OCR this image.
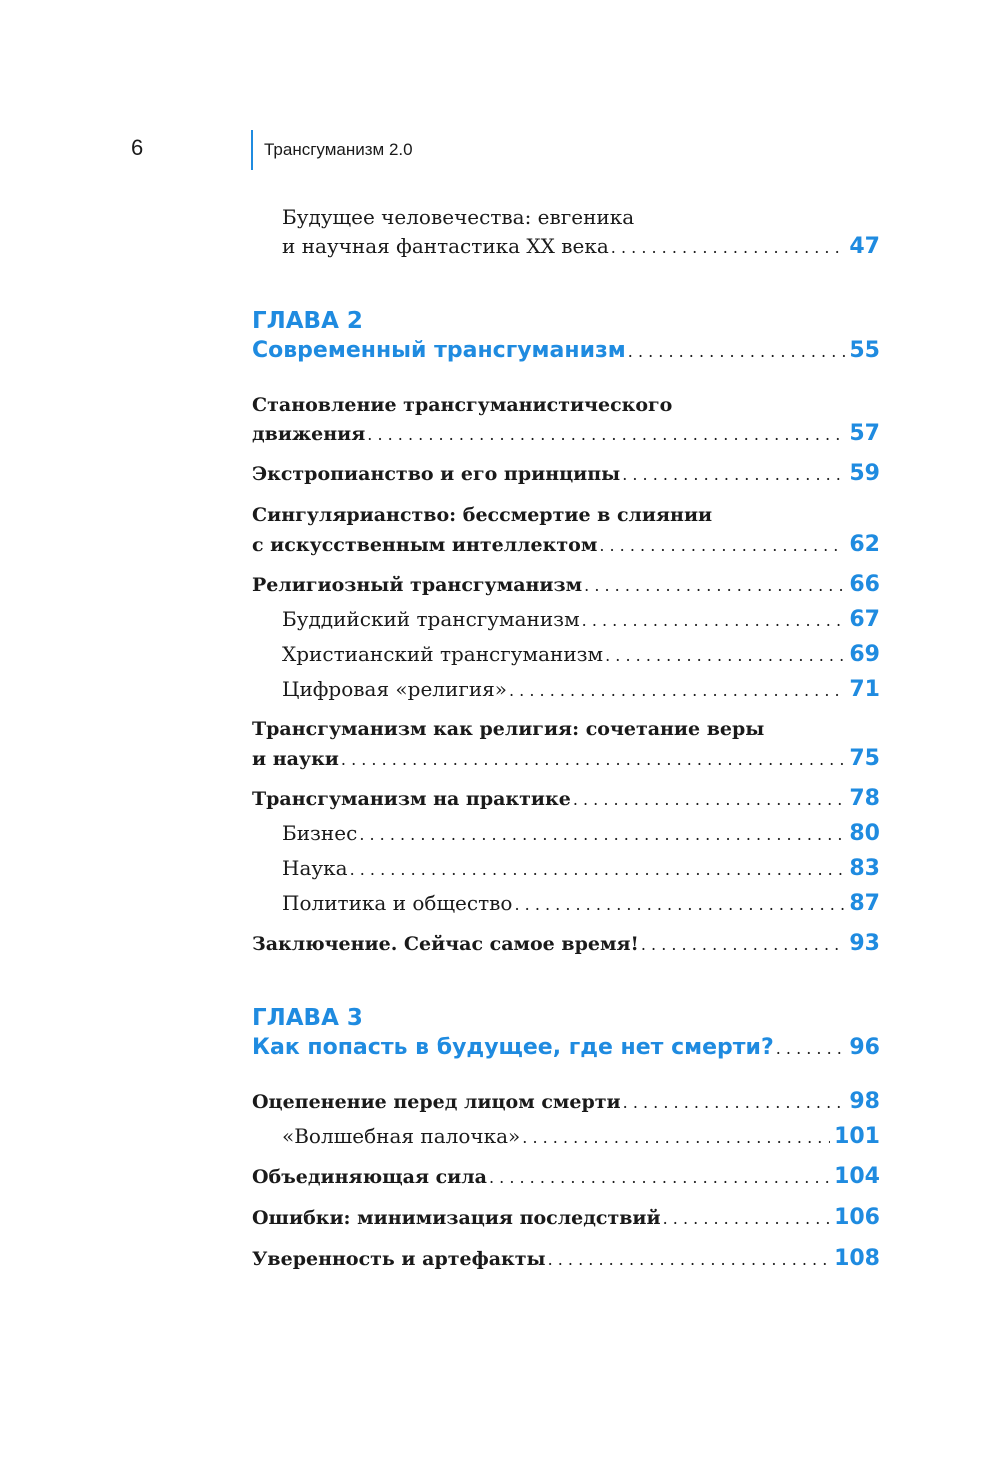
6	Трансгуманизм 2.0
Будущее человечества: евгеника
и научная фантастика XX века . . .	47
ГЛАВА 2
Современный трансгуманизм . . .	55
Становление трансгуманистического
движения . . .	57
Экстропианство и его принципы . . .	59
Сингулярианство: бессмертие в слиянии
с искусственным интеллектом . . .	62
Религиозный трансгуманизм . . .	66
Буддийский трансгуманизм . . .	67
Христианский трансгуманизм . . .	69
Цифровая «религия» . . .	71
Трансгуманизм как религия: сочетание веры
и науки . . .	75
Трансгуманизм на практике . . .	78
Бизнес . . .	80
Наука . . .	83
Политика и общество . . .	87
Заключение. Сейчас самое время! . . .	93
ГЛАВА 3
Как попасть в будущее, где нет смерти? . . .	96
Оцепенение перед лицом смерти . . .	98
«Волшебная палочка» . . .	101
Объединяющая сила . . .	104
Ошибки: минимизация последствий . . .	106
Уверенность и артефакты . . .	108
